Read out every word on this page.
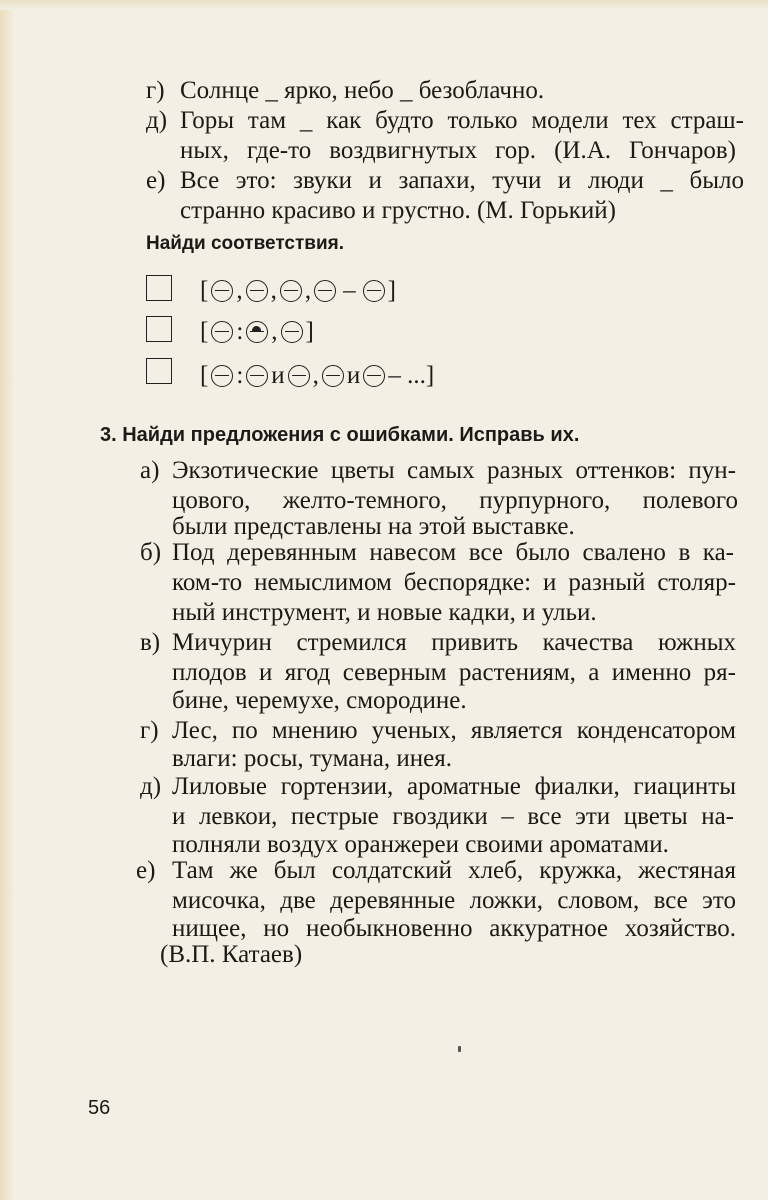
г) Солнце _ ярко, небо _ безоблачно.

д) Горы там _ как будто только модели тех страш-

ных, где-то воздвигнутых гор. (И.А. Гончаров)

е) Все это: звуки и запахи, тучи и люди _ было

странно красиво и грустно. (М. Горький)

Найди соответствия.

[ , , , – ]
[ : , ]
[ : и , и – ...]

3. Найди предложения с ошибками. Исправь их.

а) Экзотические цветы самых разных оттенков: пун-

цового, желто-темного, пурпурного, полевого

были представлены на этой выставке.

б) Под деревянным навесом все было свалено в ка-

ком-то немыслимом беспорядке: и разный столяр-

ный инструмент, и новые кадки, и ульи.

в) Мичурин стремился привить качества южных

плодов и ягод северным растениям, а именно ря-

бине, черемухе, смородине.

г) Лес, по мнению ученых, является конденсатором

влаги: росы, тумана, инея.

д) Лиловые гортензии, ароматные фиалки, гиацинты

и левкои, пестрые гвоздики – все эти цветы на-

полняли воздух оранжереи своими ароматами.

е) Там же был солдатский хлеб, кружка, жестяная

мисочка, две деревянные ложки, словом, все это

нищее, но необыкновенно аккуратное хозяйство.

(В.П. Катаев)

56
